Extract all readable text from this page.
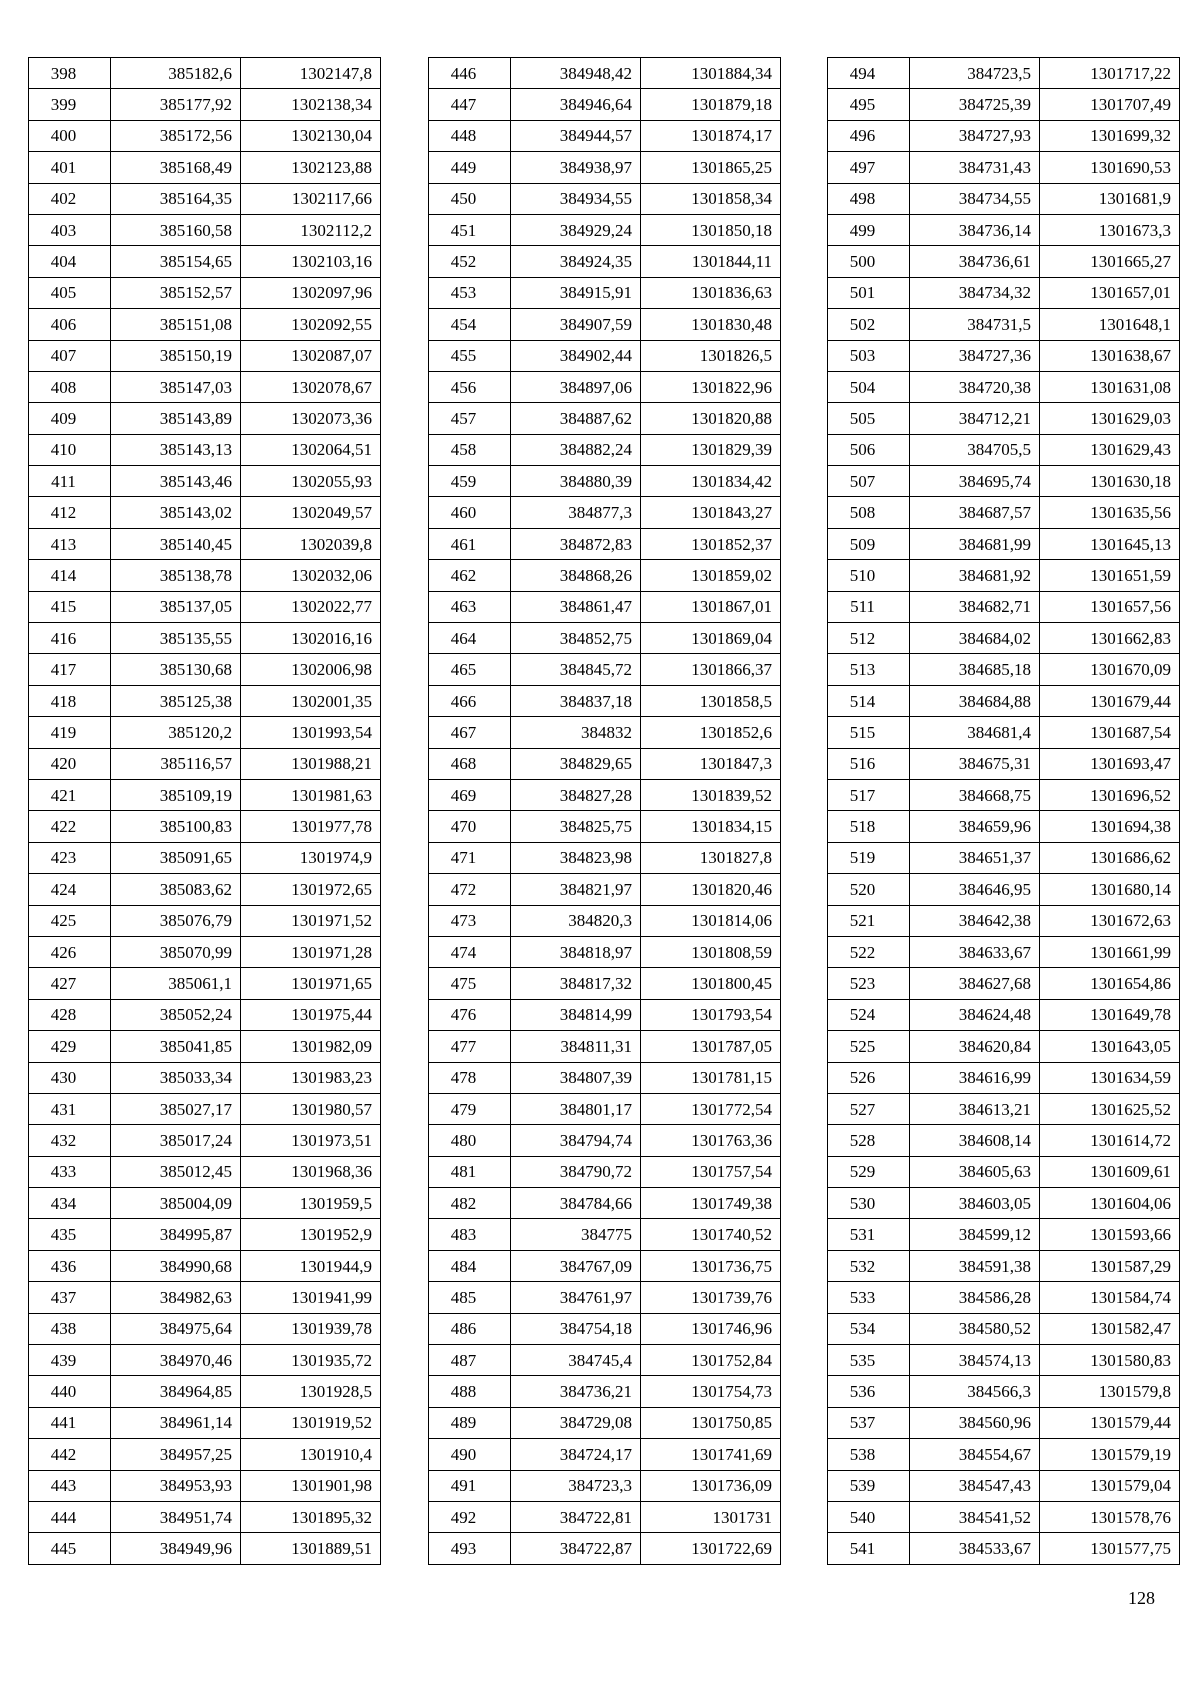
398	385182,6	1302147,8
399	385177,92	1302138,34
400	385172,56	1302130,04
401	385168,49	1302123,88
402	385164,35	1302117,66
403	385160,58	1302112,2
404	385154,65	1302103,16
405	385152,57	1302097,96
406	385151,08	1302092,55
407	385150,19	1302087,07
408	385147,03	1302078,67
409	385143,89	1302073,36
410	385143,13	1302064,51
411	385143,46	1302055,93
412	385143,02	1302049,57
413	385140,45	1302039,8
414	385138,78	1302032,06
415	385137,05	1302022,77
416	385135,55	1302016,16
417	385130,68	1302006,98
418	385125,38	1302001,35
419	385120,2	1301993,54
420	385116,57	1301988,21
421	385109,19	1301981,63
422	385100,83	1301977,78
423	385091,65	1301974,9
424	385083,62	1301972,65
425	385076,79	1301971,52
426	385070,99	1301971,28
427	385061,1	1301971,65
428	385052,24	1301975,44
429	385041,85	1301982,09
430	385033,34	1301983,23
431	385027,17	1301980,57
432	385017,24	1301973,51
433	385012,45	1301968,36
434	385004,09	1301959,5
435	384995,87	1301952,9
436	384990,68	1301944,9
437	384982,63	1301941,99
438	384975,64	1301939,78
439	384970,46	1301935,72
440	384964,85	1301928,5
441	384961,14	1301919,52
442	384957,25	1301910,4
443	384953,93	1301901,98
444	384951,74	1301895,32
445	384949,96	1301889,51
446	384948,42	1301884,34
447	384946,64	1301879,18
448	384944,57	1301874,17
449	384938,97	1301865,25
450	384934,55	1301858,34
451	384929,24	1301850,18
452	384924,35	1301844,11
453	384915,91	1301836,63
454	384907,59	1301830,48
455	384902,44	1301826,5
456	384897,06	1301822,96
457	384887,62	1301820,88
458	384882,24	1301829,39
459	384880,39	1301834,42
460	384877,3	1301843,27
461	384872,83	1301852,37
462	384868,26	1301859,02
463	384861,47	1301867,01
464	384852,75	1301869,04
465	384845,72	1301866,37
466	384837,18	1301858,5
467	384832	1301852,6
468	384829,65	1301847,3
469	384827,28	1301839,52
470	384825,75	1301834,15
471	384823,98	1301827,8
472	384821,97	1301820,46
473	384820,3	1301814,06
474	384818,97	1301808,59
475	384817,32	1301800,45
476	384814,99	1301793,54
477	384811,31	1301787,05
478	384807,39	1301781,15
479	384801,17	1301772,54
480	384794,74	1301763,36
481	384790,72	1301757,54
482	384784,66	1301749,38
483	384775	1301740,52
484	384767,09	1301736,75
485	384761,97	1301739,76
486	384754,18	1301746,96
487	384745,4	1301752,84
488	384736,21	1301754,73
489	384729,08	1301750,85
490	384724,17	1301741,69
491	384723,3	1301736,09
492	384722,81	1301731
493	384722,87	1301722,69
494	384723,5	1301717,22
495	384725,39	1301707,49
496	384727,93	1301699,32
497	384731,43	1301690,53
498	384734,55	1301681,9
499	384736,14	1301673,3
500	384736,61	1301665,27
501	384734,32	1301657,01
502	384731,5	1301648,1
503	384727,36	1301638,67
504	384720,38	1301631,08
505	384712,21	1301629,03
506	384705,5	1301629,43
507	384695,74	1301630,18
508	384687,57	1301635,56
509	384681,99	1301645,13
510	384681,92	1301651,59
511	384682,71	1301657,56
512	384684,02	1301662,83
513	384685,18	1301670,09
514	384684,88	1301679,44
515	384681,4	1301687,54
516	384675,31	1301693,47
517	384668,75	1301696,52
518	384659,96	1301694,38
519	384651,37	1301686,62
520	384646,95	1301680,14
521	384642,38	1301672,63
522	384633,67	1301661,99
523	384627,68	1301654,86
524	384624,48	1301649,78
525	384620,84	1301643,05
526	384616,99	1301634,59
527	384613,21	1301625,52
528	384608,14	1301614,72
529	384605,63	1301609,61
530	384603,05	1301604,06
531	384599,12	1301593,66
532	384591,38	1301587,29
533	384586,28	1301584,74
534	384580,52	1301582,47
535	384574,13	1301580,83
536	384566,3	1301579,8
537	384560,96	1301579,44
538	384554,67	1301579,19
539	384547,43	1301579,04
540	384541,52	1301578,76
541	384533,67	1301577,75
128
